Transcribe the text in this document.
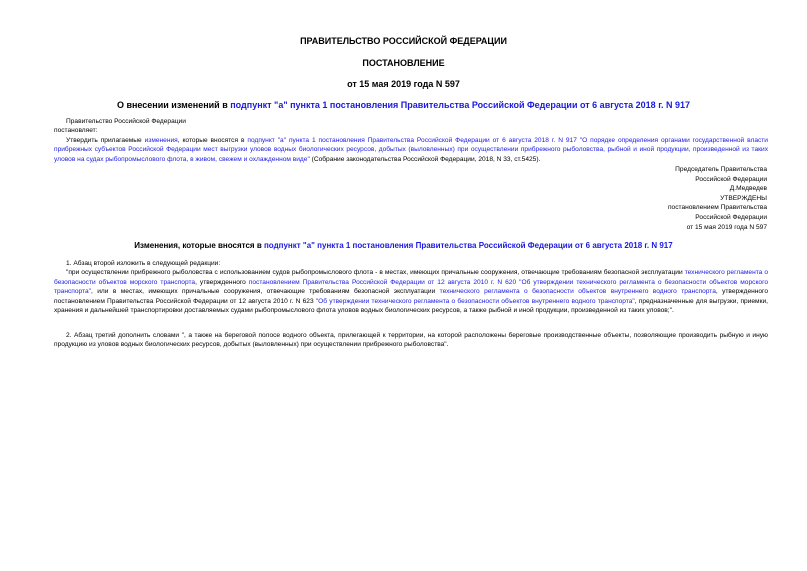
ПРАВИТЕЛЬСТВО РОССИЙСКОЙ ФЕДЕРАЦИИ
ПОСТАНОВЛЕНИЕ
от 15 мая 2019 года N 597
О внесении изменений в подпункт "а" пункта 1 постановления Правительства Российской Федерации от 6 августа 2018 г. N 917

Правительство Российской Федерации

постановляет:

Утвердить прилагаемые изменения, которые вносятся в подпункт "а" пункта 1 постановления Правительства Российской Федерации от 6 августа 2018 г. N 917 "О порядке определения органами государственной власти прибрежных субъектов Российской Федерации мест выгрузки уловов водных биологических ресурсов, добытых (выловленных) при осуществлении прибрежного рыболовства, рыбной и иной продукции, произведенной из таких уловов на судах рыбопромыслового флота, в живом, свежем и охлажденном виде" (Собрание законодательства Российской Федерации, 2018, N 33, ст.5425).

Председатель Правительства

Российской Федерации

Д.Медведев

УТВЕРЖДЕНЫ

постановлением Правительства

Российской Федерации

от 15 мая 2019 года N 597

Изменения, которые вносятся в подпункт "а" пункта 1 постановления Правительства Российской Федерации от 6 августа 2018 г. N 917

1. Абзац второй изложить в следующей редакции:

"при осуществлении прибрежного рыболовства с использованием судов рыбопромыслового флота - в местах, имеющих причальные сооружения, отвечающие требованиям безопасной эксплуатации технического регламента о безопасности объектов морского транспорта, утвержденного постановлением Правительства Российской Федерации от 12 августа 2010 г. N 620 "Об утверждении технического регламента о безопасности объектов морского транспорта", или в местах, имеющих причальные сооружения, отвечающие требованиям безопасной эксплуатации технического регламента о безопасности объектов внутреннего водного транспорта, утвержденного постановлением Правительства Российской Федерации от 12 августа 2010 г. N 623 "Об утверждении технического регламента о безопасности объектов внутреннего водного транспорта", предназначенные для выгрузки, приемки, хранения и дальнейшей транспортировки доставляемых судами рыбопромыслового флота уловов водных биологических ресурсов, а также рыбной и иной продукции, произведенной из таких уловов;".

2. Абзац третий дополнить словами ", а также на береговой полосе водного объекта, прилегающей к территории, на которой расположены береговые производственные объекты, позволяющие производить рыбную и иную продукцию из уловов водных биологических ресурсов, добытых (выловленных) при осуществлении прибрежного рыболовства".
